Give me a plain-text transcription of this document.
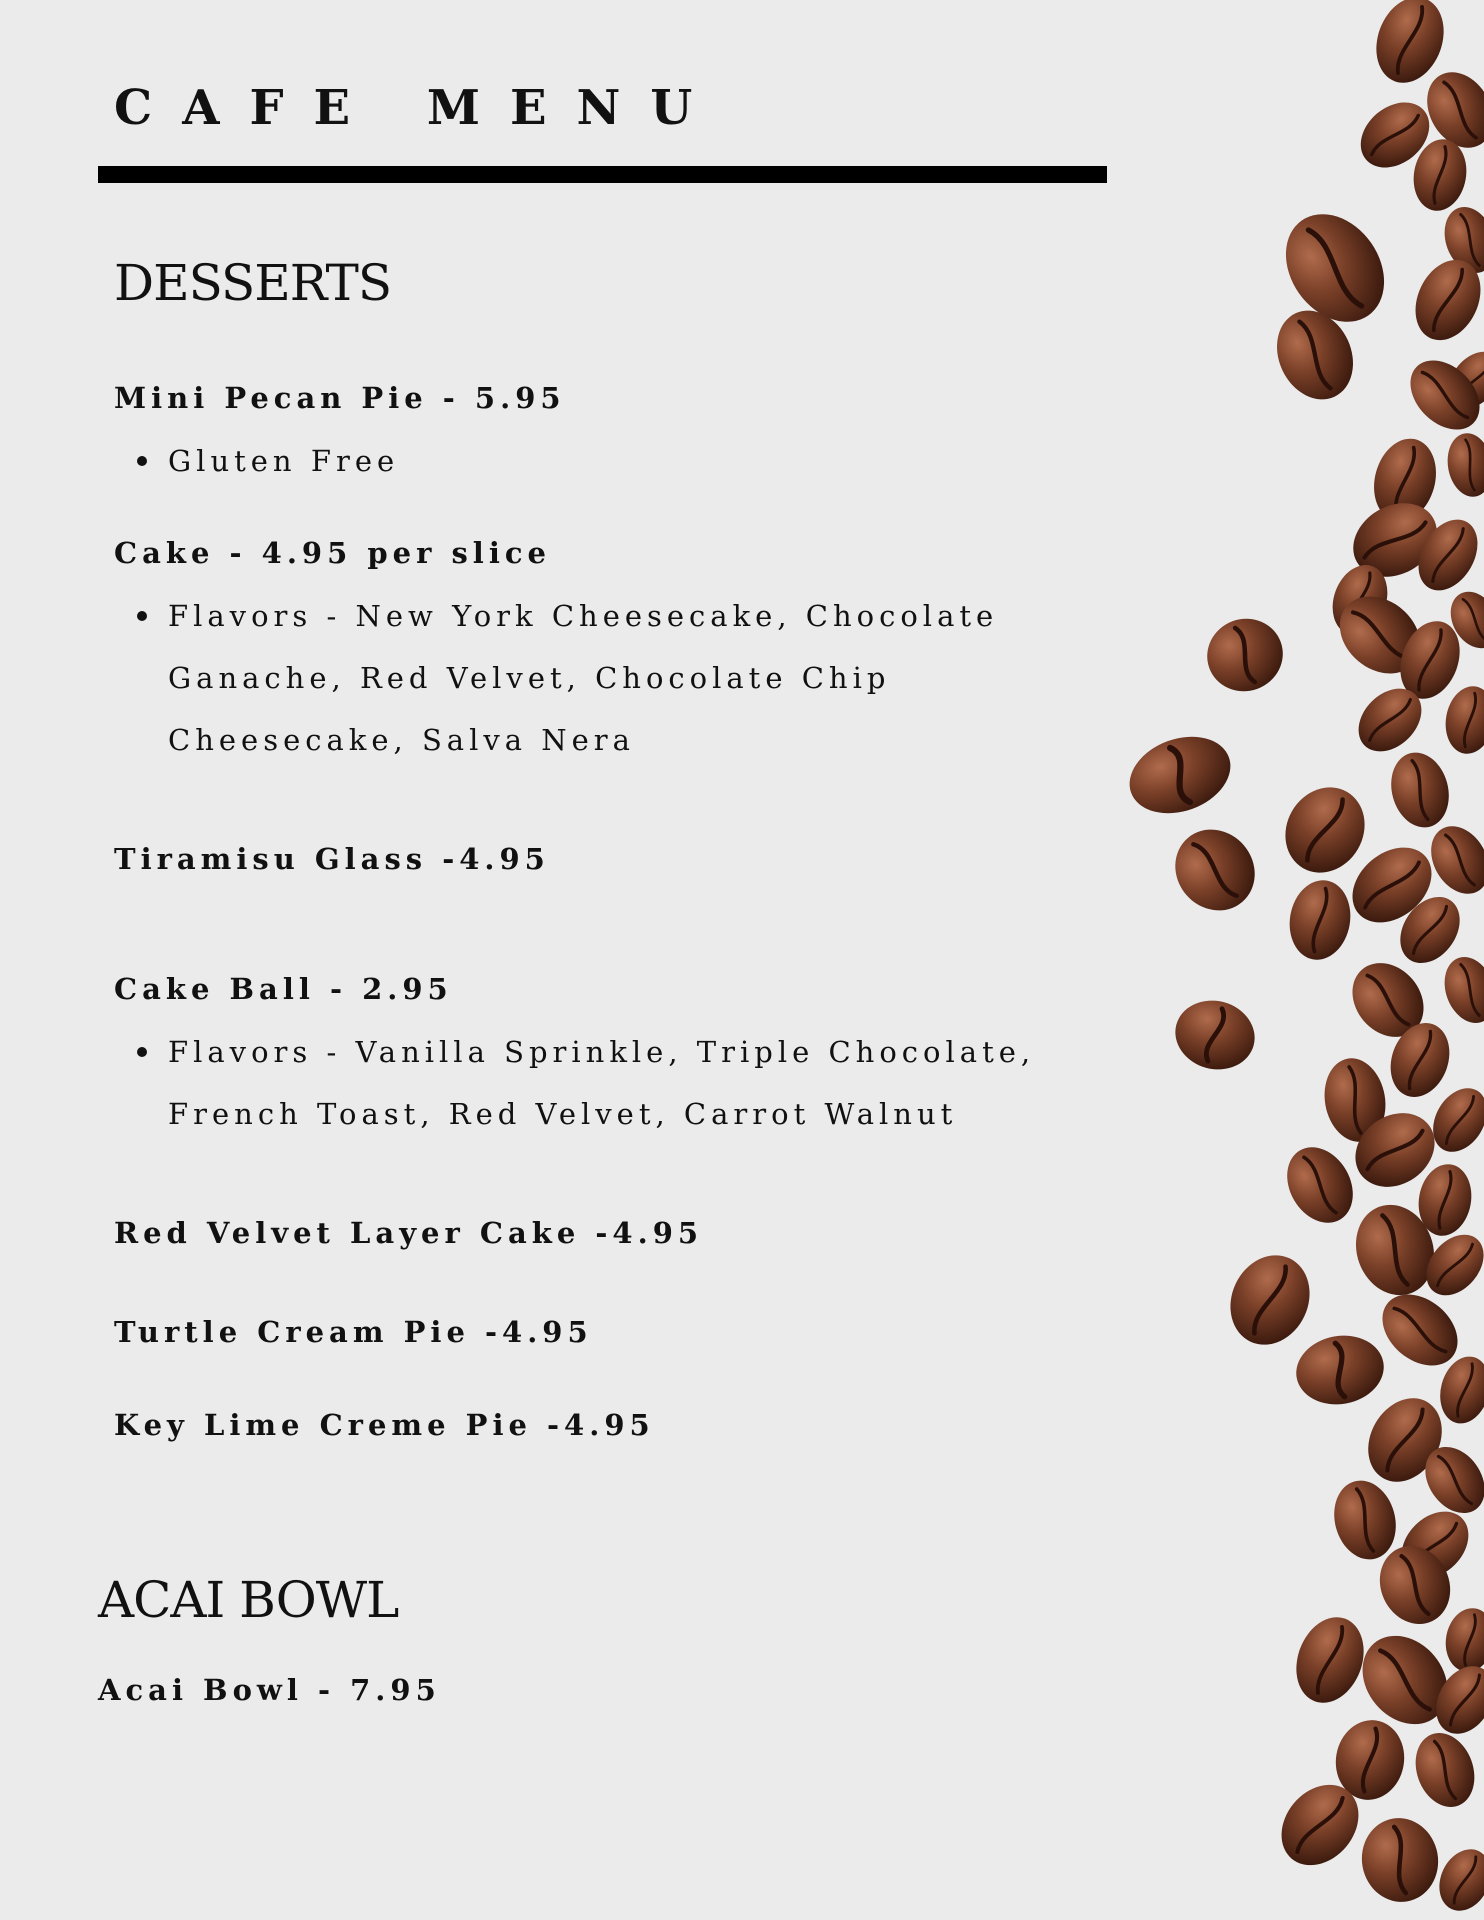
CAFE MENU
DESSERTS
Mini Pecan Pie - 5.95
Gluten Free
Cake - 4.95 per slice
Flavors - New York Cheesecake, Chocolate Ganache, Red Velvet, Chocolate Chip Cheesecake, Salva Nera
Tiramisu Glass -4.95
Cake Ball - 2.95
Flavors - Vanilla Sprinkle, Triple Chocolate, French Toast, Red Velvet, Carrot Walnut
Red Velvet Layer Cake -4.95
Turtle Cream Pie -4.95
Key Lime Creme Pie -4.95
ACAI BOWL
Acai Bowl - 7.95
